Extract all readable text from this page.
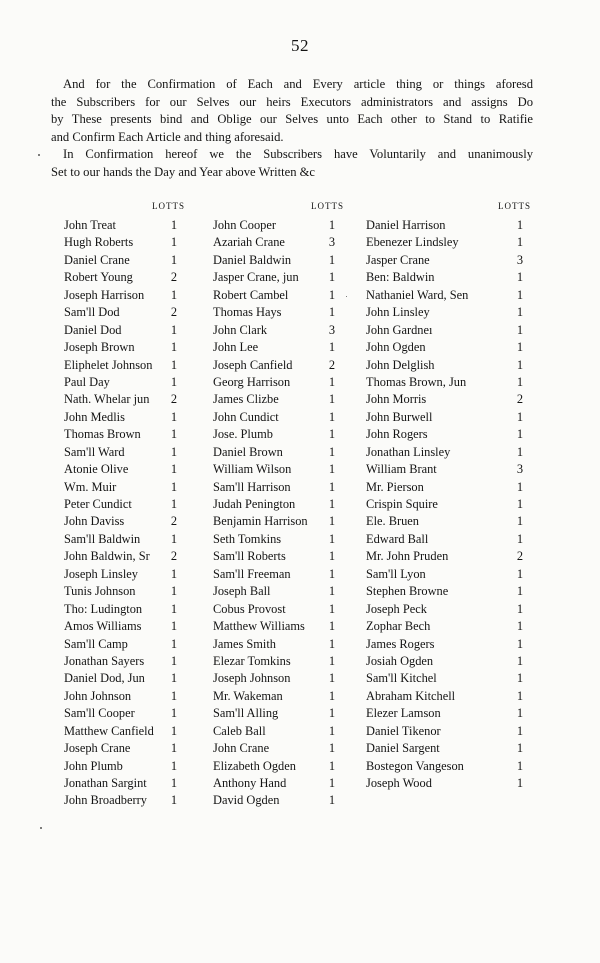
52
And for the Confirmation of Each and Every article thing or things aforesd
the Subscribers for our Selves our heirs Executors administrators and assigns Do
by These presents bind and Oblige our Selves unto Each other to Stand to Ratifie
and Confirm Each Article and thing aforesaid.
In Confirmation hereof we the Subscribers have Voluntarily and unanimously
Set to our hands the Day and Year above Written &c
LOTTS
John Treat	1
Hugh Roberts	1
Daniel Crane	1
Robert Young	2
Joseph Harrison 1
Sam'll Dod	2
Daniel Dod	1
Joseph Brown	1
Eliphelet Johnson 1
Paul Day	1
Nath. Whelar jun 2
John Medlis	1
Thomas Brown 1
Sam'll Ward	1
Atonie Olive	1
Wm. Muir	1
Peter Cundict	1
John Daviss	2
Sam'll Baldwin 1
John Baldwin, Sr 2
Joseph Linsley	1
Tunis Johnson	1
Tho: Ludington 1
Amos Williams 1
Sam'll Camp	1
Jonathan Sayers 1
Daniel Dod, Jun 1
John Johnson	1
Sam'll Cooper	1
Matthew Canfield 1
Joseph Crane	1
John Plumb	1
Jonathan Sargint 1
John Broadberry 1
LOTTS
John Cooper	1
Azariah Crane	3
Daniel Baldwin	1
Jasper Crane, jun 1
Robert Cambel	1
Thomas Hays	1
John Clark	3
John Lee	1
Joseph Canfield	2
Georg Harrison	1
James Clizbe	1
John Cundict	1
Jose. Plumb	1
Daniel Brown	1
William Wilson	1
Sam'll Harrison	1
Judah Penington	1
Benjamin Harrison 1
Seth Tomkins	1
Sam'll Roberts	1
Sam'll Freeman	1
Joseph Ball	1
Cobus Provost	1
Matthew Williams 1
James Smith	1
Elezar Tomkins	1
Joseph Johnson	1
Mr. Wakeman	1
Sam'll Alling	1
Caleb Ball	1
John Crane	1
Elizabeth Ogden	1
Anthony Hand	1
David Ogden	1
LOTTS
Daniel Harrison	1
Ebenezer Lindsley	1
Jasper Crane	3
Ben: Baldwin	1
Nathaniel Ward, Sen	1
John Linsley	1
John Gardneı	1
John Ogden	1
John Delglish	1
Thomas Brown, Jun	1
John Morris	2
John Burwell	1
John Rogers	1
Jonathan Linsley	1
William Brant	3
Mr. Pierson	1
Crispin Squire	1
Ele. Bruen	1
Edward Ball	1
Mr. John Pruden	2
Sam'll Lyon	1
Stephen Browne	1
Joseph Peck	1
Zophar Bech	1
James Rogers	1
Josiah Ogden	1
Sam'll Kitchel	1
Abraham Kitchell	1
Elezer Lamson	1
Daniel Tikenor	1
Daniel Sargent	1
Bostegon Vangeson	1
Joseph Wood	1
